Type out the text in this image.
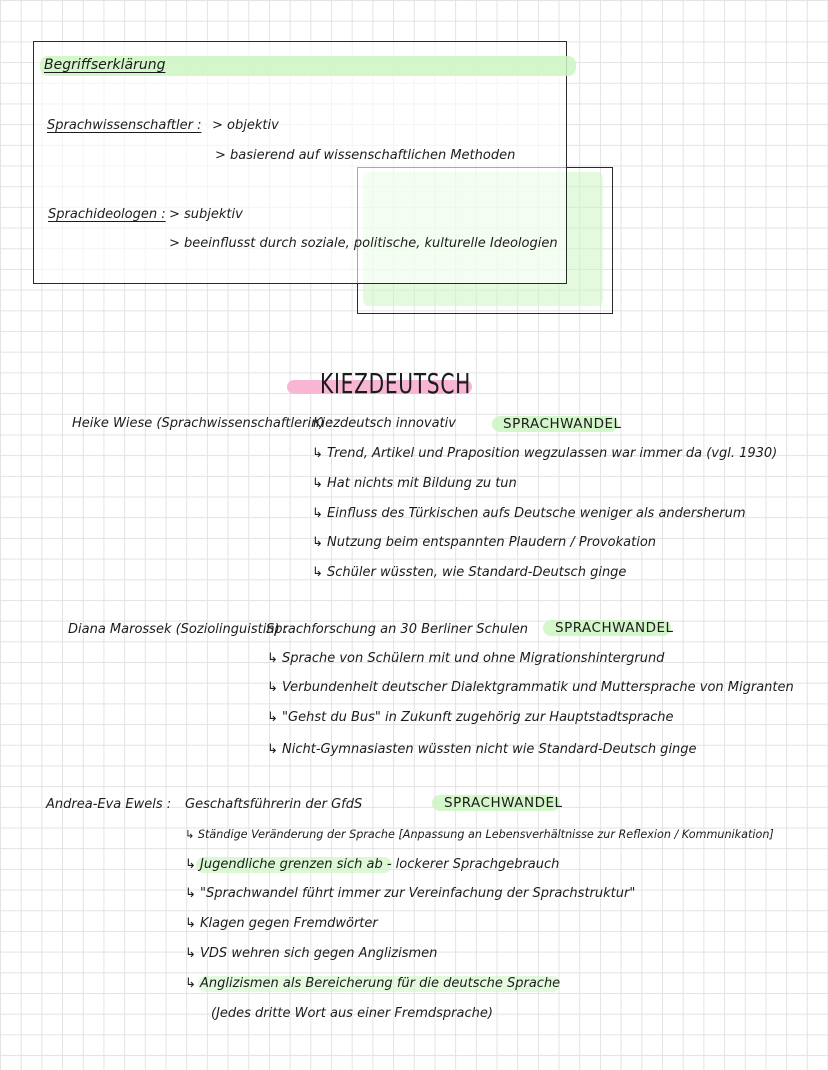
Begriffserklärung
Sprachwissenschaftler : > objektiv
> basierend auf wissenschaftlichen Methoden
Sprachideologen : > subjektiv
> beeinflusst durch soziale, politische, kulturelle Ideologien
KIEZDEUTSCH
Heike Wiese (Sprachwissenschaftlerin) :
Kiezdeutsch innovativ	SPRACHWANDEL
↳ Trend, Artikel und Praposition wegzulassen war immer da (vgl. 1930)
↳ Hat nichts mit Bildung zu tun
↳ Einfluss des Türkischen aufs Deutsche weniger als andersherum
↳ Nutzung beim entspannten Plaudern / Provokation
↳ Schüler wüssten, wie Standard-Deutsch ginge
Diana Marossek (Soziolinguistin) :
Sprachforschung an 30 Berliner Schulen SPRACHWANDEL
↳ Sprache von Schülern mit und ohne Migrationshintergrund
↳ Verbundenheit deutscher Dialektgrammatik und Muttersprache von Migranten
↳ "Gehst du Bus" in Zukunft zugehörig zur Hauptstadtsprache
↳ Nicht-Gymnasiasten wüssten nicht wie Standard-Deutsch ginge
Andrea-Eva Ewels : Geschaftsführerin der GfdS	SPRACHWANDEL
↳ Ständige Veränderung der Sprache [Anpassung an Lebensverhältnisse zur Reflexion / Kommunikation]
↳ Jugendliche grenzen sich ab - lockerer Sprachgebrauch
↳ "Sprachwandel führt immer zur Vereinfachung der Sprachstruktur"
↳ Klagen gegen Fremdwörter
↳ VDS wehren sich gegen Anglizismen
↳ Anglizismen als Bereicherung für die deutsche Sprache
(Jedes dritte Wort aus einer Fremdsprache)
